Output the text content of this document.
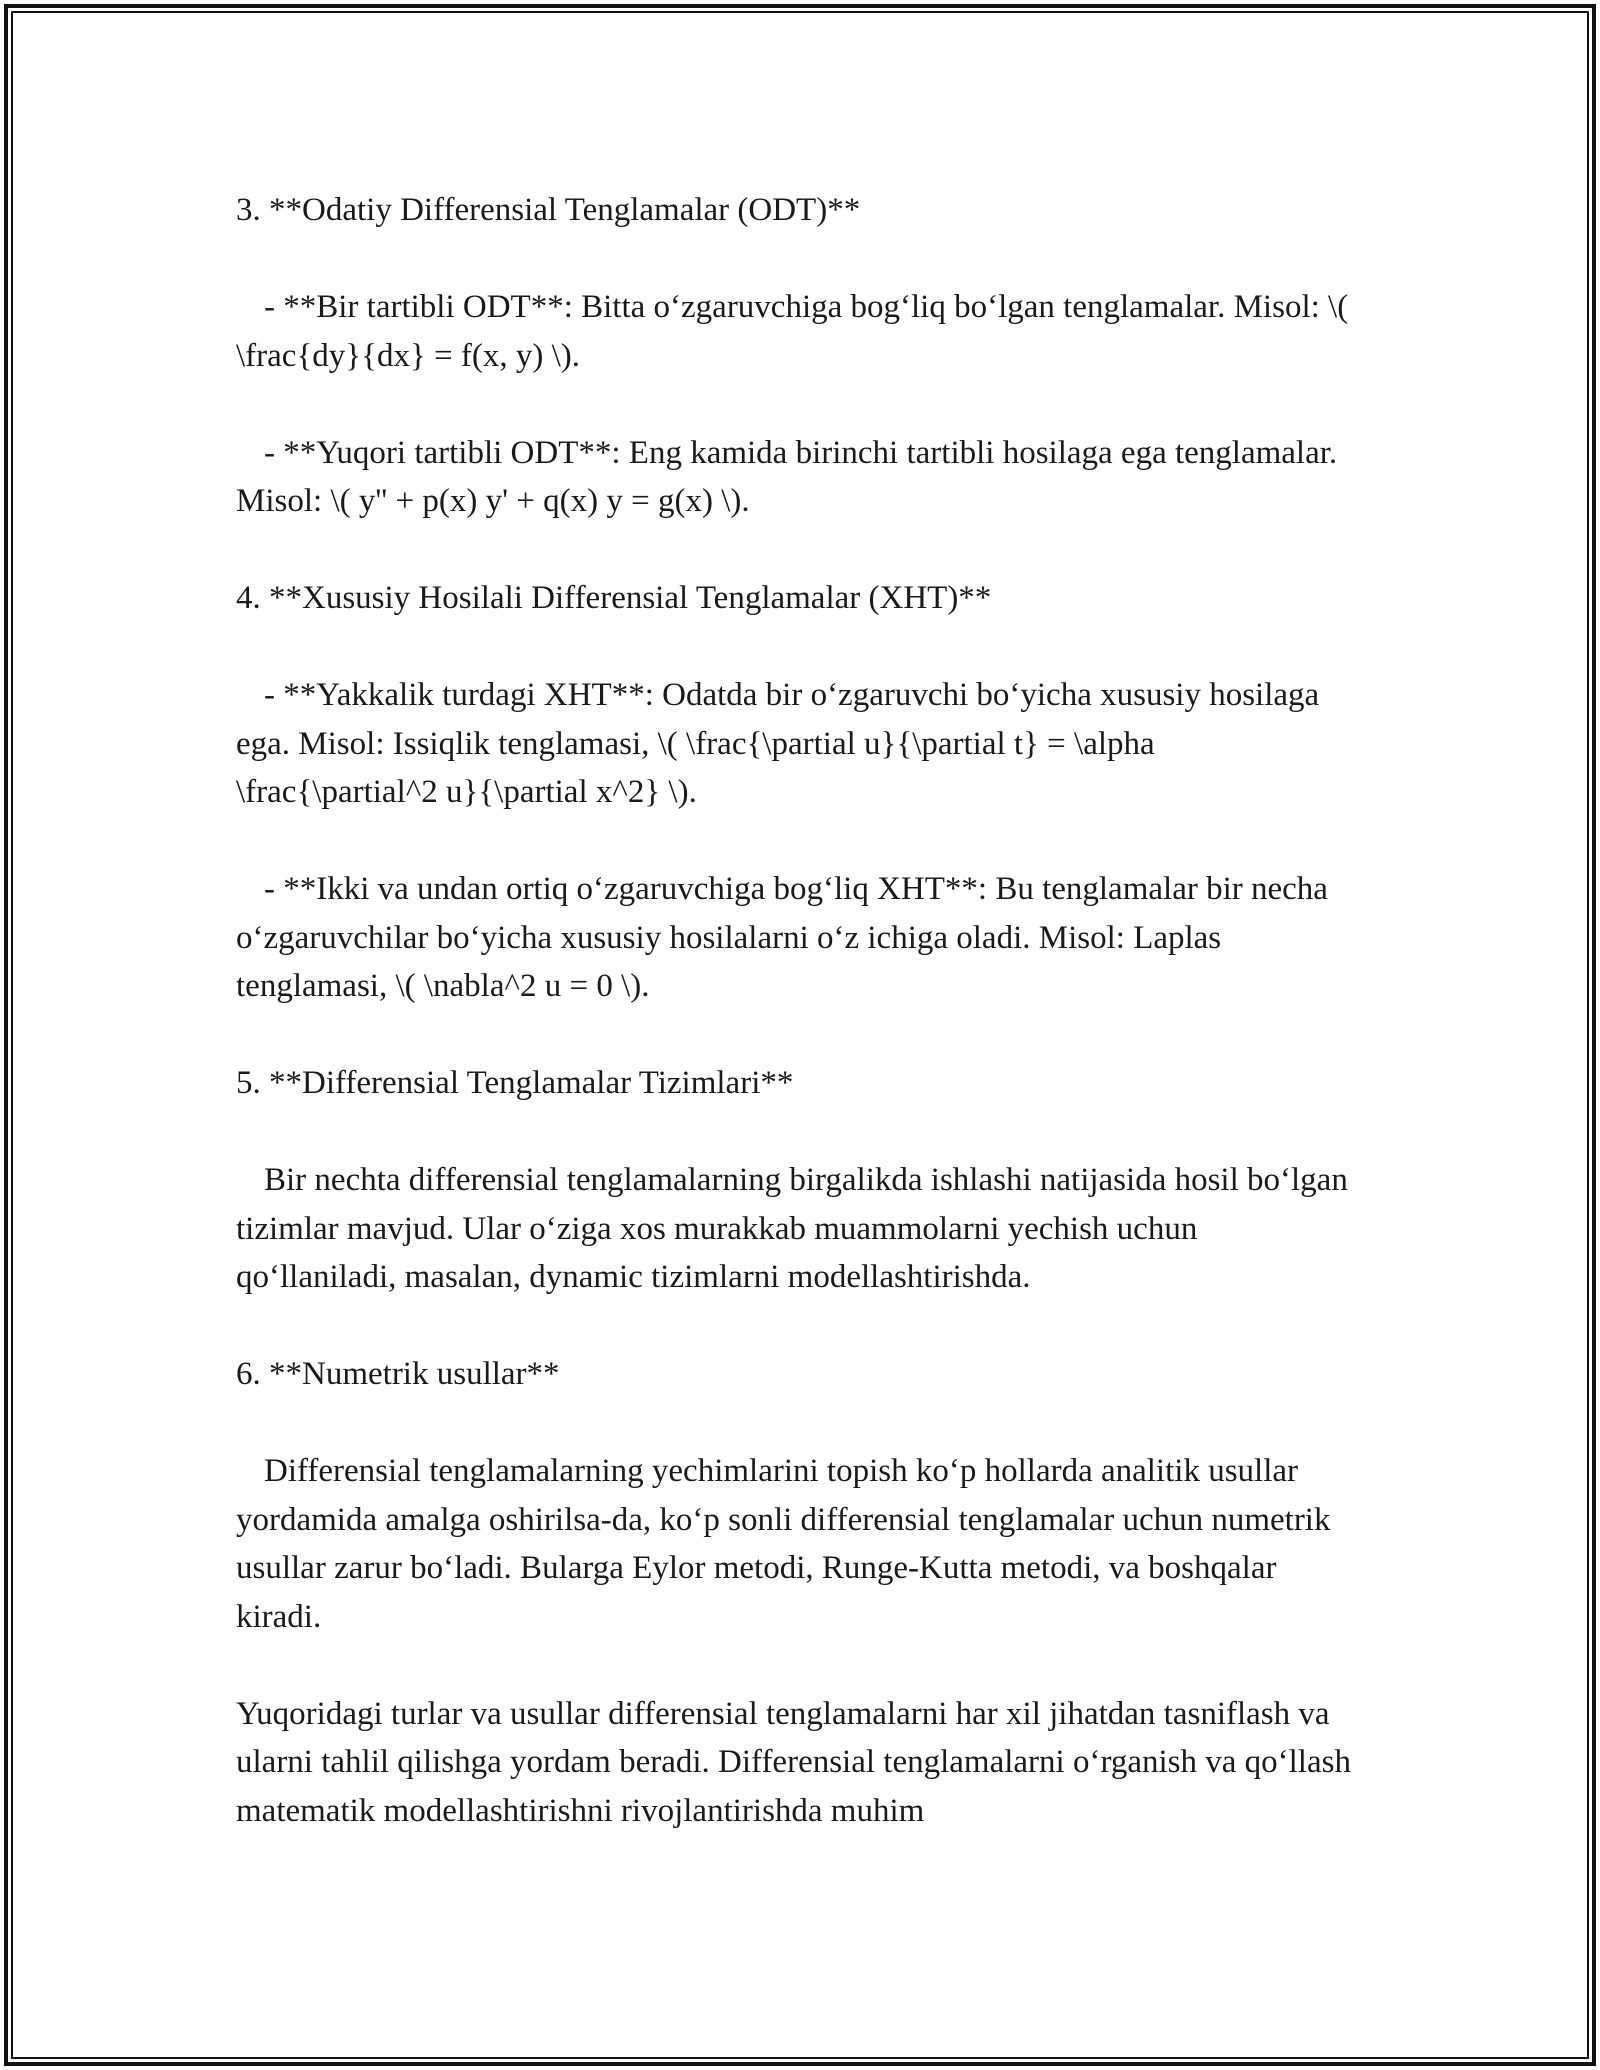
3. **Odatiy Differensial Tenglamalar (ODT)**

- **Bir tartibli ODT**: Bitta o‘zgaruvchiga bog‘liq bo‘lgan tenglamalar. Misol: \( \frac{dy}{dx} = f(x, y) \).

- **Yuqori tartibli ODT**: Eng kamida birinchi tartibli hosilaga ega tenglamalar. Misol: \( y'' + p(x) y' + q(x) y = g(x) \).

4. **Xususiy Hosilali Differensial Tenglamalar (XHT)**

- **Yakkalik turdagi XHT**: Odatda bir o‘zgaruvchi bo‘yicha xususiy hosilaga ega. Misol: Issiqlik tenglamasi, \( \frac{\partial u}{\partial t} = \alpha \frac{\partial^2 u}{\partial x^2} \).

- **Ikki va undan ortiq o‘zgaruvchiga bog‘liq XHT**: Bu tenglamalar bir necha o‘zgaruvchilar bo‘yicha xususiy hosilalarni o‘z ichiga oladi. Misol: Laplas tenglamasi, \( \nabla^2 u = 0 \).

5. **Differensial Tenglamalar Tizimlari**

Bir nechta differensial tenglamalarning birgalikda ishlashi natijasida hosil bo‘lgan tizimlar mavjud. Ular o‘ziga xos murakkab muammolarni yechish uchun qo‘llaniladi, masalan, dynamic tizimlarni modellashtirishda.

6. **Numetrik usullar**

Differensial tenglamalarning yechimlarini topish ko‘p hollarda analitik usullar yordamida amalga oshirilsa-da, ko‘p sonli differensial tenglamalar uchun numetrik usullar zarur bo‘ladi. Bularga Eylor metodi, Runge-Kutta metodi, va boshqalar kiradi.

Yuqoridagi turlar va usullar differensial tenglamalarni har xil jihatdan tasniflash va ularni tahlil qilishga yordam beradi. Differensial tenglamalarni o‘rganish va qo‘llash matematik modellashtirishni rivojlantirishda muhim
